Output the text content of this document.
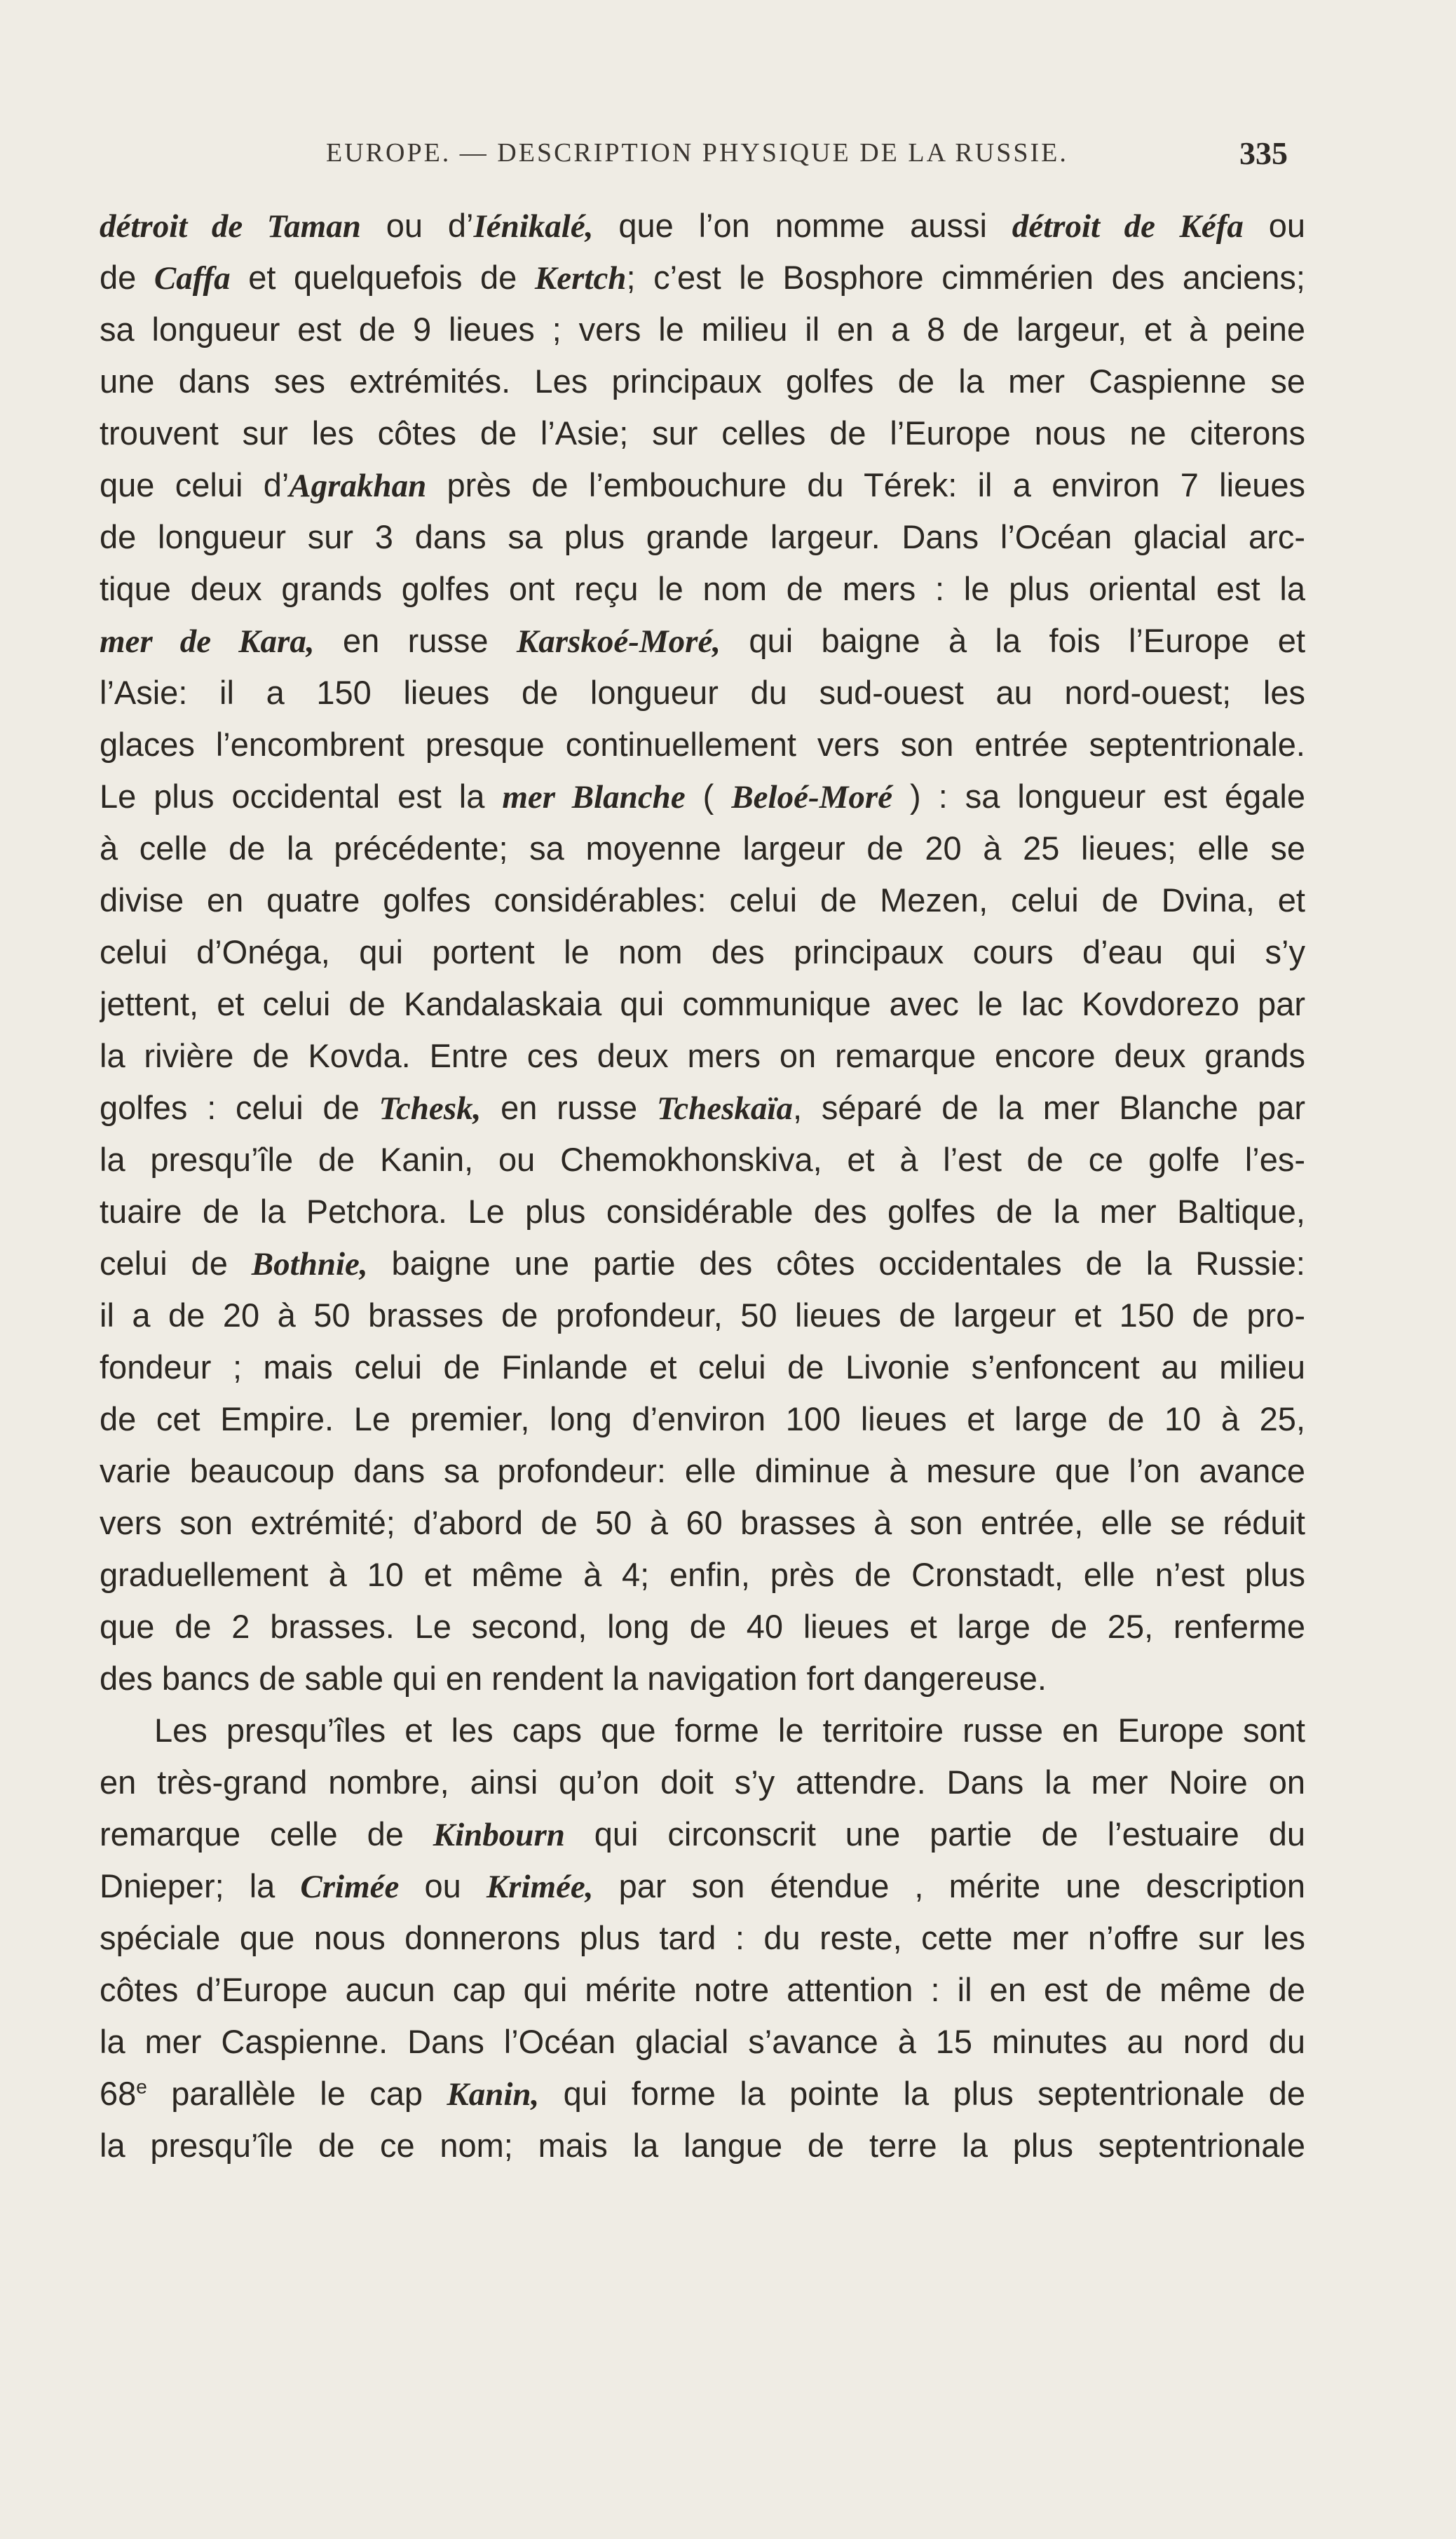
EUROPE. — DESCRIPTION PHYSIQUE DE LA RUSSIE.	335
détroit de Taman ou d’Iénikalé, que l’on nomme aussi détroit de Kéfa ou
de Caffa et quelquefois de Kertch; c’est le Bosphore cimmérien des anciens;
sa longueur est de 9 lieues ; vers le milieu il en a 8 de largeur, et à peine
une dans ses extrémités. Les principaux golfes de la mer Caspienne se
trouvent sur les côtes de l’Asie; sur celles de l’Europe nous ne citerons
que celui d’Agrakhan près de l’embouchure du Térek: il a environ 7 lieues
de longueur sur 3 dans sa plus grande largeur. Dans l’Océan glacial arc-
tique deux grands golfes ont reçu le nom de mers : le plus oriental est la
mer de Kara, en russe Karskoé-Moré, qui baigne à la fois l’Europe et
l’Asie: il a 150 lieues de longueur du sud-ouest au nord-ouest; les
glaces l’encombrent presque continuellement vers son entrée septentrionale.
Le plus occidental est la mer Blanche ( Beloé-Moré ) : sa longueur est égale
à celle de la précédente; sa moyenne largeur de 20 à 25 lieues; elle se
divise en quatre golfes considérables: celui de Mezen, celui de Dvina, et
celui d’Onéga, qui portent le nom des principaux cours d’eau qui s’y
jettent, et celui de Kandalaskaia qui communique avec le lac Kovdorezo par
la rivière de Kovda. Entre ces deux mers on remarque encore deux grands
golfes : celui de Tchesk, en russe Tcheskaïa, séparé de la mer Blanche par
la presqu’île de Kanin, ou Chemokhonskiva, et à l’est de ce golfe l’es-
tuaire de la Petchora. Le plus considérable des golfes de la mer Baltique,
celui de Bothnie, baigne une partie des côtes occidentales de la Russie:
il a de 20 à 50 brasses de profondeur, 50 lieues de largeur et 150 de pro-
fondeur ; mais celui de Finlande et celui de Livonie s’enfoncent au milieu
de cet Empire. Le premier, long d’environ 100 lieues et large de 10 à 25,
varie beaucoup dans sa profondeur: elle diminue à mesure que l’on avance
vers son extrémité; d’abord de 50 à 60 brasses à son entrée, elle se réduit
graduellement à 10 et même à 4; enfin, près de Cronstadt, elle n’est plus
que de 2 brasses. Le second, long de 40 lieues et large de 25, renferme
des bancs de sable qui en rendent la navigation fort dangereuse.
Les presqu’îles et les caps que forme le territoire russe en Europe sont
en très-grand nombre, ainsi qu’on doit s’y attendre. Dans la mer Noire on
remarque celle de Kinbourn qui circonscrit une partie de l’estuaire du
Dnieper; la Crimée ou Krimée, par son étendue , mérite une description
spéciale que nous donnerons plus tard : du reste, cette mer n’offre sur les
côtes d’Europe aucun cap qui mérite notre attention : il en est de même de
la mer Caspienne. Dans l’Océan glacial s’avance à 15 minutes au nord du
68e parallèle le cap Kanin, qui forme la pointe la plus septentrionale de
la presqu’île de ce nom; mais la langue de terre la plus septentrionale
